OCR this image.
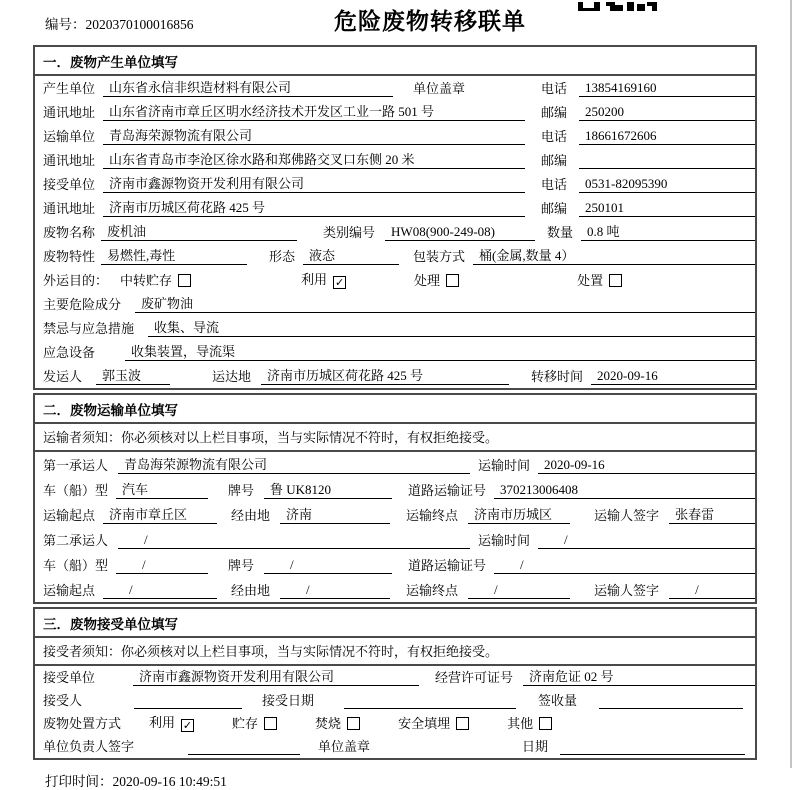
编号：2020370100016856	危险废物转移联单
一．废物产生单位填写
产生单位	山东省永信非织造材料有限公司	单位盖章	电话	13854169160
通讯地址	山东省济南市章丘区明水经济技术开发区工业一路 501 号	邮编	250200
运输单位	青岛海荣源物流有限公司	电话	18661672606
通讯地址	山东省青岛市李沧区徐水路和郑佛路交叉口东侧 20 米	邮编
接受单位	济南市鑫源物资开发利用有限公司	电话	0531-82095390
通讯地址	济南市历城区荷花路 425 号	邮编	250101
废物名称 废机油	类别编号	HW08(900-249-08)	数量	0.8 吨
废物特性 易燃性,毒性	形态	液态	包装方式	桶(金属,数量 4）
外运目的： 中转贮存	利用 ✓	处理	处置
主要危险成分	废矿物油
禁忌与应急措施	收集、导流
应急设备	收集装置，导流渠
发运人	郭玉波	运达地	济南市历城区荷花路 425 号	转移时间	2020-09-16
二．废物运输单位填写
运输者须知：你必须核对以上栏目事项，当与实际情况不符时，有权拒绝接受。
第一承运人	青岛海荣源物流有限公司	运输时间	2020-09-16
车（船）型	汽车	牌号	鲁 UK8120	道路运输证号	370213006408
运输起点	济南市章丘区	经由地	济南	运输终点	济南市历城区	运输人签字	张春雷
第二承运人	/	运输时间	/
车（船）型	/	牌号	/	道路运输证号	/
运输起点	/	经由地	/	运输终点	/	运输人签字	/
三．废物接受单位填写
接受者须知：你必须核对以上栏目事项，当与实际情况不符时，有权拒绝接受。
接受单位	济南市鑫源物资开发利用有限公司	经营许可证号	济南危证 02 号
接受人	接受日期	签收量
废物处置方式 利用 ✓	贮存	焚烧	安全填埋	其他
单位负责人签字	单位盖章	日期
打印时间：2020-09-16 10:49:51
